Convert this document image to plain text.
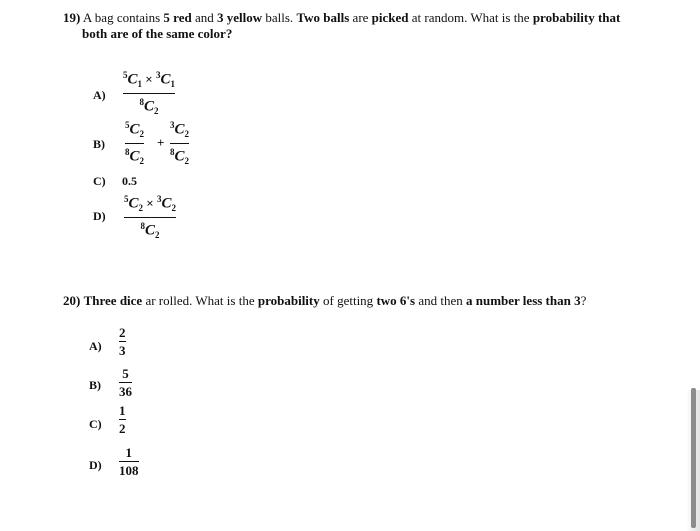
19) A bag contains 5 red and 3 yellow balls. Two balls are picked at random. What is the probability that
both are of the same color?
A)
$^5C_1 \times ^3C_1$
$^8C_2$
B)
$^5C_2$
$^8C_2$
+
$^3C_2$
$^8C_2$
C) 0.5
D)
$^5C_2 \times ^3C_2$
$^8C_2$
20) Three dice ar rolled. What is the probability of getting two 6's and then a number less than 3?
A)
2
3
B)
5
36
C)
1
2
D)
1
108
